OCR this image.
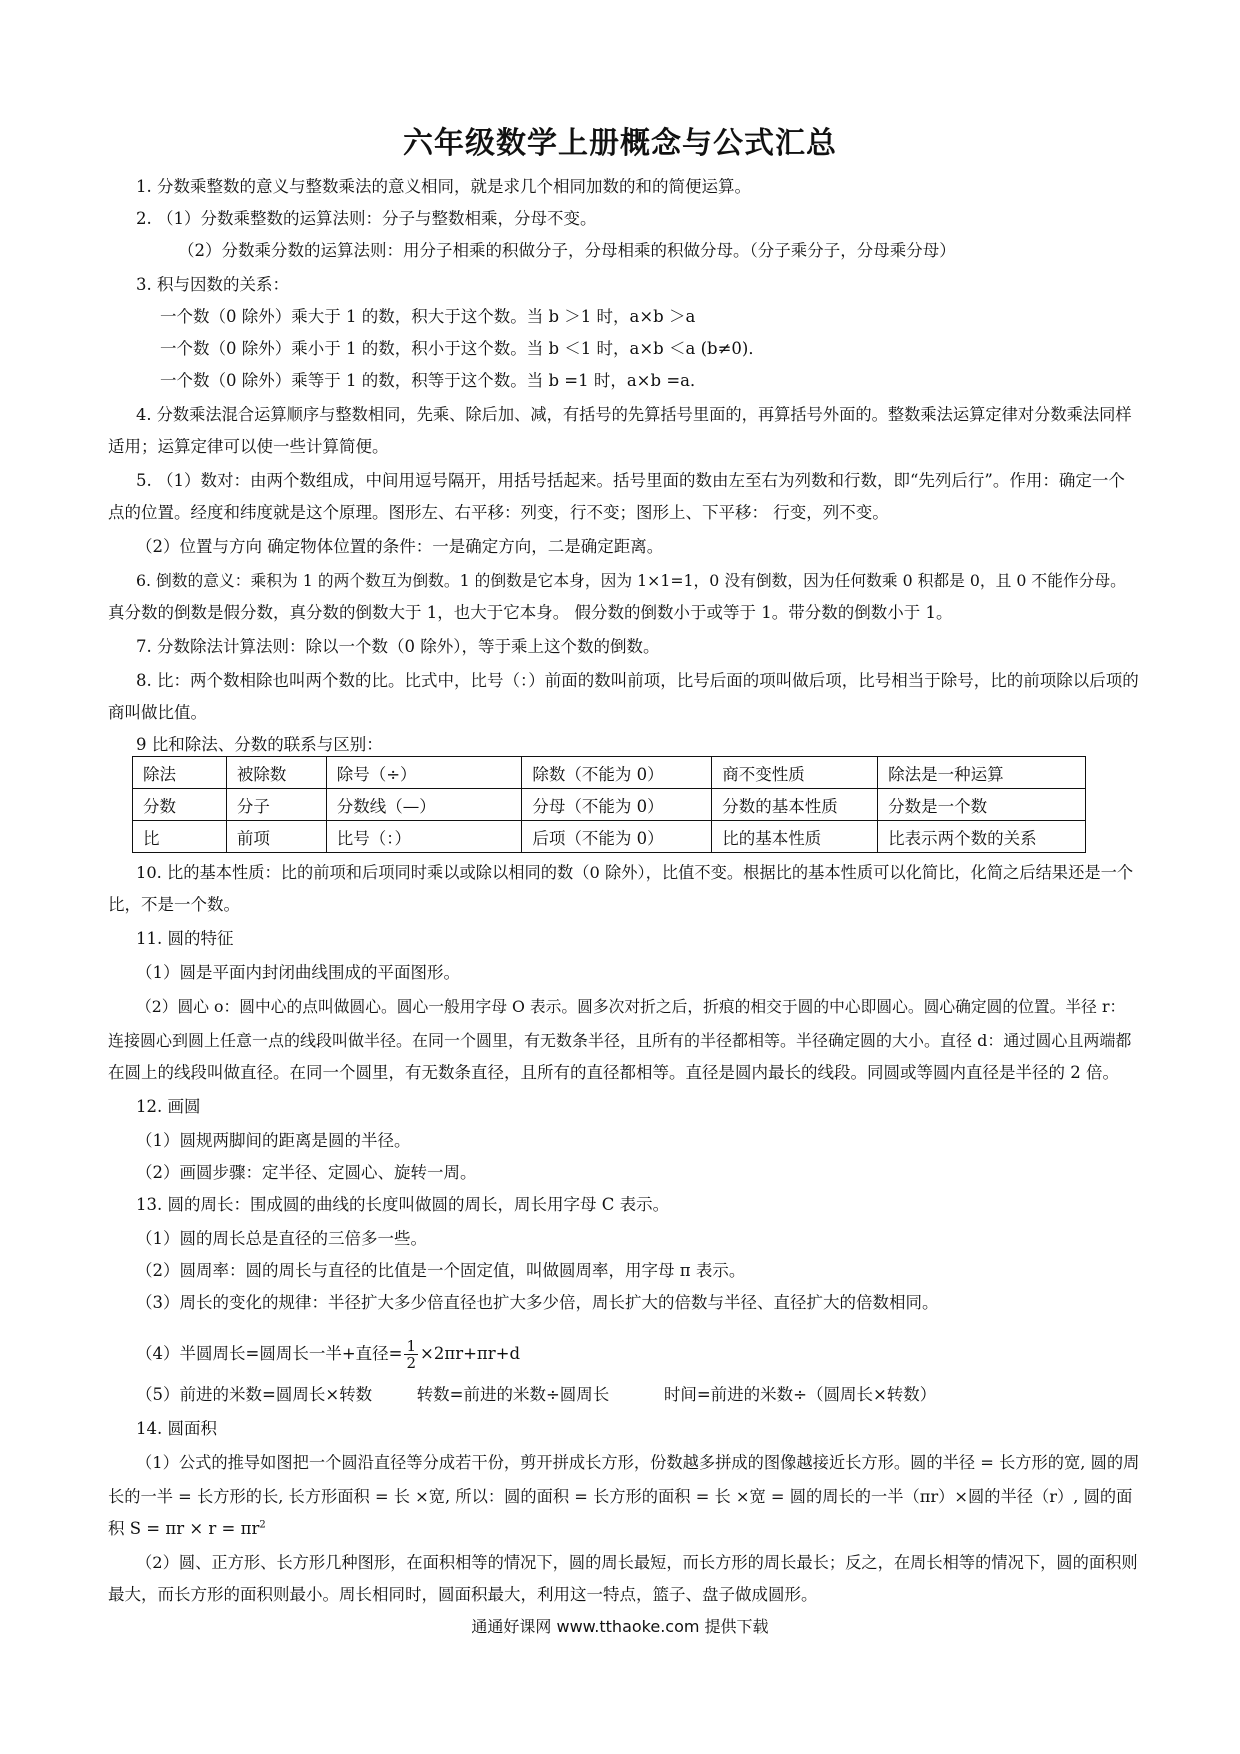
六年级数学上册概念与公式汇总
1. 分数乘整数的意义与整数乘法的意义相同，就是求几个相同加数的和的简便运算。
2. （1）分数乘整数的运算法则：分子与整数相乘，分母不变。
（2）分数乘分数的运算法则：用分子相乘的积做分子，分母相乘的积做分母。（分子乘分子，分母乘分母）
3. 积与因数的关系：
一个数（0 除外）乘大于 1 的数，积大于这个数。当 b ＞1 时，a×b ＞a
一个数（0 除外）乘小于 1 的数，积小于这个数。当 b ＜1 时，a×b ＜a (b≠0)．
一个数（0 除外）乘等于 1 的数，积等于这个数。当 b =1 时，a×b =a．
4. 分数乘法混合运算顺序与整数相同，先乘、除后加、减，有括号的先算括号里面的，再算括号外面的。整数乘法运算定律对分数乘法同样
适用；运算定律可以使一些计算简便。
5. （1）数对：由两个数组成，中间用逗号隔开，用括号括起来。括号里面的数由左至右为列数和行数，即“先列后行”。作用：确定一个
点的位置。经度和纬度就是这个原理。图形左、右平移：列变，行不变；图形上、下平移： 行变，列不变。
（2）位置与方向 确定物体位置的条件：一是确定方向，二是确定距离。
6. 倒数的意义：乘积为 1 的两个数互为倒数。1 的倒数是它本身，因为 1×1=1，0 没有倒数，因为任何数乘 0 积都是 0，且 0 不能作分母。
真分数的倒数是假分数，真分数的倒数大于 1，也大于它本身。 假分数的倒数小于或等于 1。带分数的倒数小于 1。
7. 分数除法计算法则：除以一个数（0 除外），等于乘上这个数的倒数。
8. 比：两个数相除也叫两个数的比。比式中，比号（：）前面的数叫前项，比号后面的项叫做后项，比号相当于除号，比的前项除以后项的
商叫做比值。
9 比和除法、分数的联系与区别：
除法	被除数	除号（÷）	除数（不能为 0）	商不变性质	除法是一种运算
分数	分子	分数线（—）	分母（不能为 0）	分数的基本性质	分数是一个数
比	前项	比号（：）	后项（不能为 0）	比的基本性质	比表示两个数的关系
10. 比的基本性质：比的前项和后项同时乘以或除以相同的数（0 除外），比值不变。根据比的基本性质可以化简比，化简之后结果还是一个
比，不是一个数。
11. 圆的特征
（1）圆是平面内封闭曲线围成的平面图形。
（2）圆心 o：圆中心的点叫做圆心。圆心一般用字母 O 表示。圆多次对折之后，折痕的相交于圆的中心即圆心。圆心确定圆的位置。半径 r：
连接圆心到圆上任意一点的线段叫做半径。在同一个圆里，有无数条半径，且所有的半径都相等。半径确定圆的大小。直径 d：通过圆心且两端都
在圆上的线段叫做直径。在同一个圆里，有无数条直径，且所有的直径都相等。直径是圆内最长的线段。同圆或等圆内直径是半径的 2 倍。
12. 画圆
（1）圆规两脚间的距离是圆的半径。
（2）画圆步骤：定半径、定圆心、旋转一周。
13. 圆的周长：围成圆的曲线的长度叫做圆的周长，周长用字母 C 表示。
（1）圆的周长总是直径的三倍多一些。
（2）圆周率：圆的周长与直径的比值是一个固定值，叫做圆周率，用字母 π 表示。
（3）周长的变化的规律：半径扩大多少倍直径也扩大多少倍，周长扩大的倍数与半径、直径扩大的倍数相同。
（4）半圆周长=圆周长一半+直径= $\frac{1}{2} \times 2\pi r+\pi r+d$
（5）前进的米数=圆周长×转数	转数=前进的米数÷圆周长	时间=前进的米数÷（圆周长×转数）
14. 圆面积
（1）公式的推导如图把一个圆沿直径等分成若干份，剪开拼成长方形，份数越多拼成的图像越接近长方形。圆的半径 = 长方形的宽, 圆的周
长的一半 = 长方形的长, 长方形面积 = 长 ×宽, 所以：圆的面积 = 长方形的面积 = 长 ×宽 = 圆的周长的一半（πr）×圆的半径（r）, 圆的面
积 $S = \pi r \times r = \pi r^2$
（2）圆、正方形、长方形几种图形，在面积相等的情况下，圆的周长最短，而长方形的周长最长；反之，在周长相等的情况下，圆的面积则
最大，而长方形的面积则最小。周长相同时，圆面积最大，利用这一特点，篮子、盘子做成圆形。
通通好课网 www.tthaoke.com 提供下载
